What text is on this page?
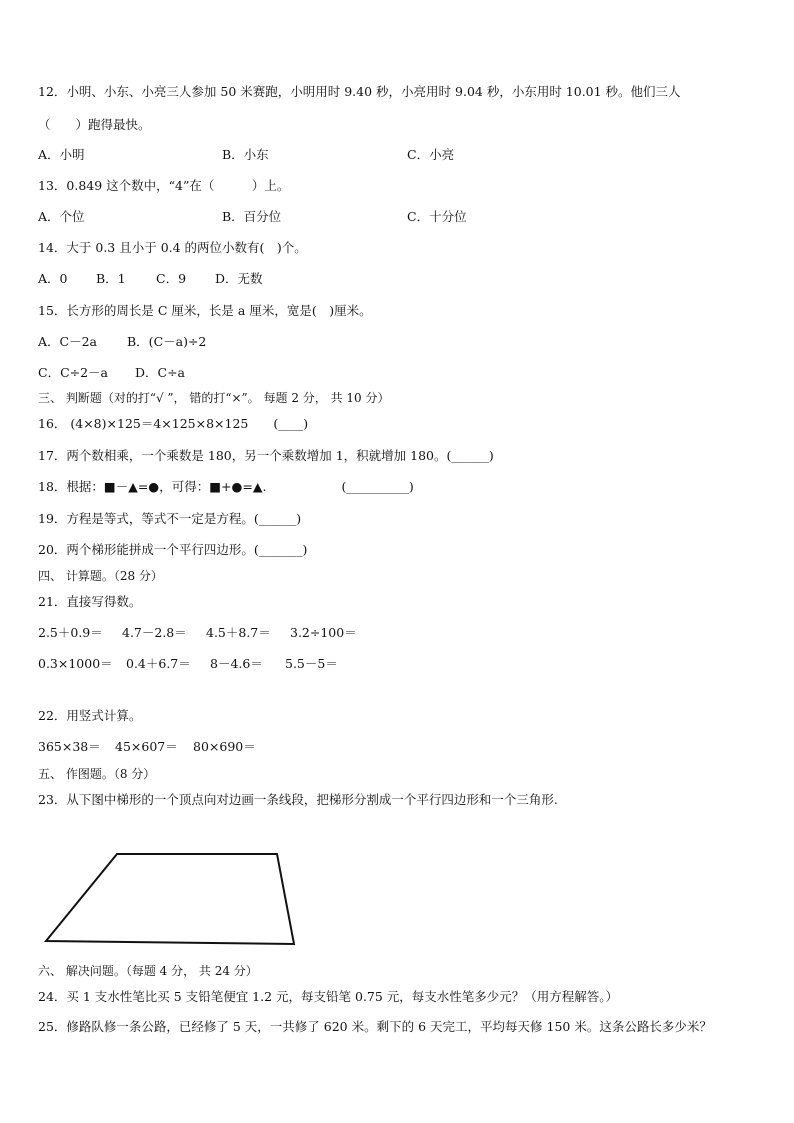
12．小明、小东、小亮三人参加 50 米赛跑，小明用时 9.40 秒，小亮用时 9.04 秒，小东用时 10.01 秒。他们三人
（　　）跑得最快。
A．小明	B．小东	C．小亮
13．0.849 这个数中，“4”在（　　　）上。
A．个位	B．百分位	C．十分位
14．大于 0.3 且小于 0.4 的两位小数有(　)个。
A．0 B．1 C．9 D．无数
15．长方形的周长是 C 厘米，长是 a 厘米，宽是(　)厘米。
A．C－2a B．(C－a)÷2
C．C÷2－a D．C÷a
三、 判断题（对的打“√ ”， 错的打“×”。 每题 2 分， 共 10 分）
16． (4×8)×125＝4×125×8×125　　(____)
17．两个数相乘，一个乘数是 180，另一个乘数增加 1，积就增加 180。(______)
18．根据：■－▲=●，可得：■+●=▲.　　　　　　(__________)
19．方程是等式，等式不一定是方程。(______)
20．两个梯形能拼成一个平行四边形。(_______)
四、 计算题。（28 分）
21．直接写得数。
2.5＋0.9＝ 4.7－2.8＝ 4.5＋8.7＝ 3.2÷100＝
0.3×1000＝ 0.4＋6.7＝ 8－4.6＝ 5.5－5＝
22．用竖式计算。
365×38＝ 45×607＝ 80×690＝
五、 作图题。（8 分）
23．从下图中梯形的一个顶点向对边画一条线段，把梯形分割成一个平行四边形和一个三角形.
六、 解决问题。（每题 4 分， 共 24 分）
24．买 1 支水性笔比买 5 支铅笔便宜 1.2 元，每支铅笔 0.75 元，每支水性笔多少元？（用方程解答。）
25．修路队修一条公路，已经修了 5 天，一共修了 620 米。剩下的 6 天完工，平均每天修 150 米。这条公路长多少米？
